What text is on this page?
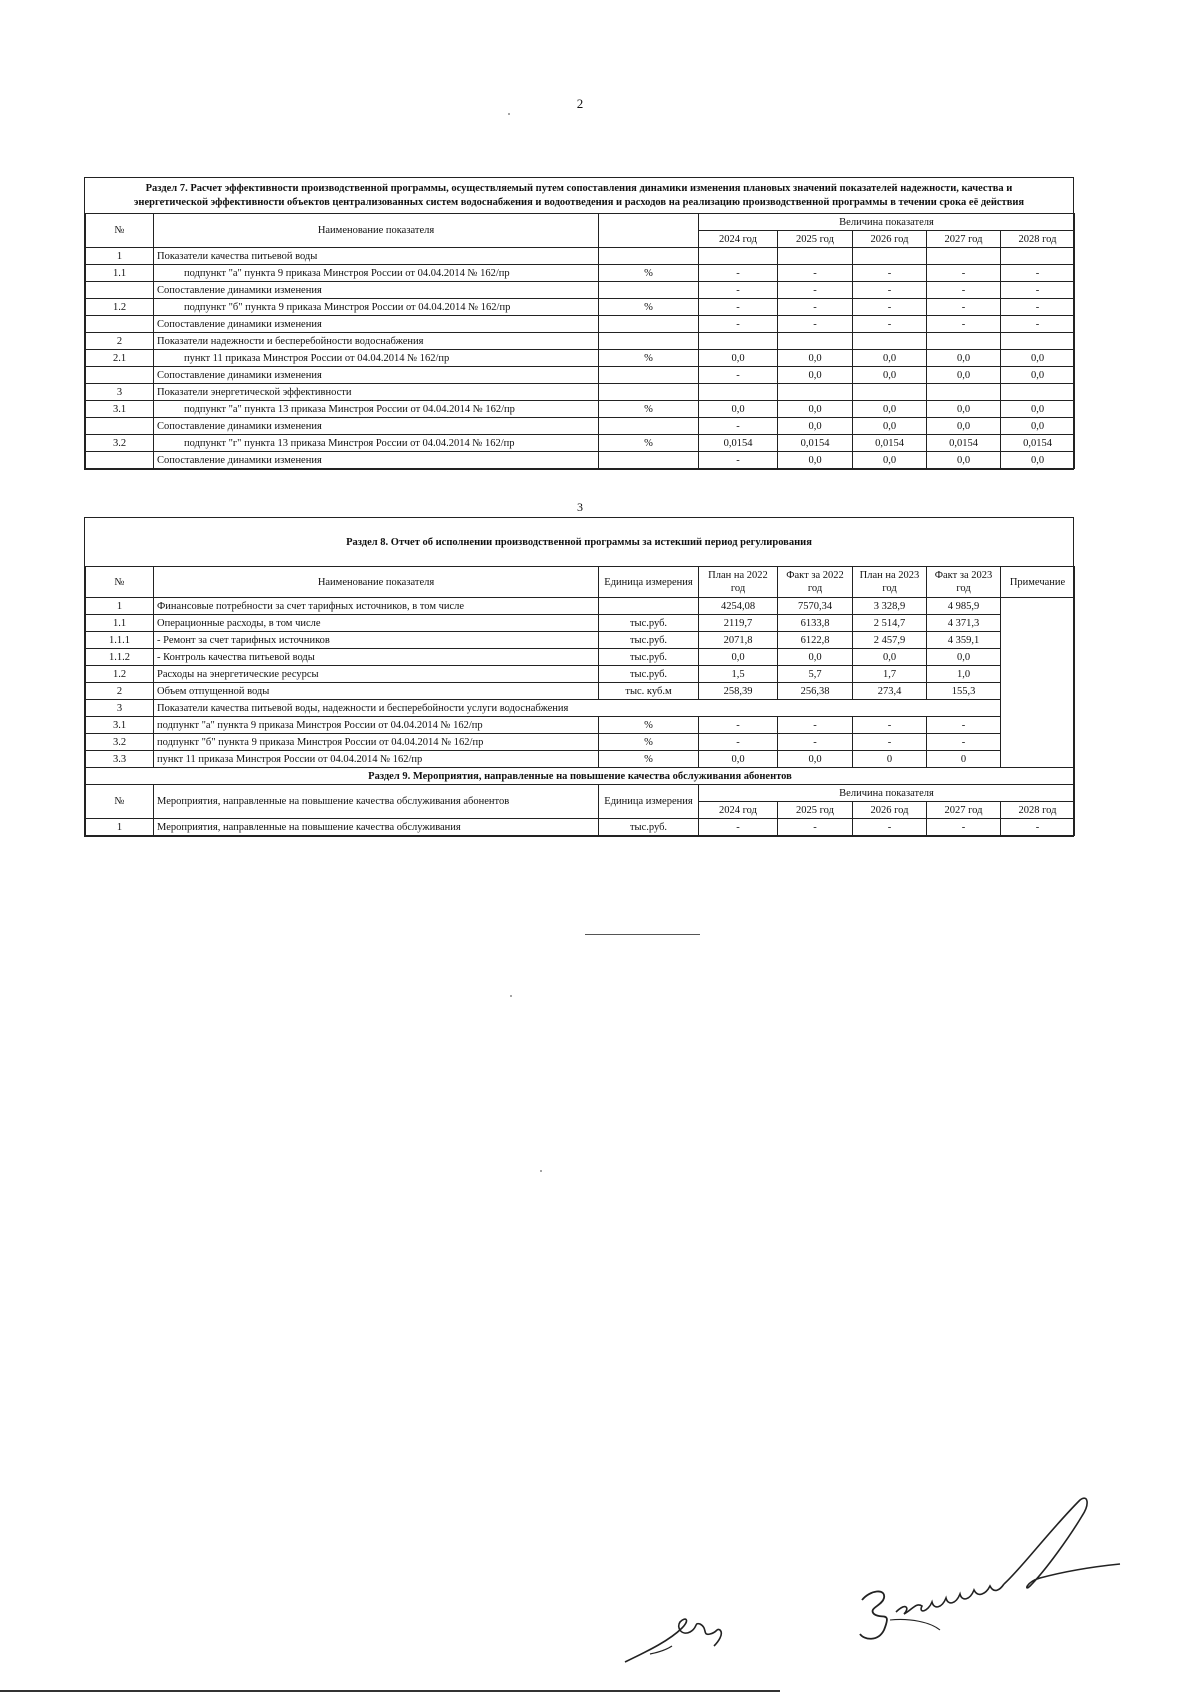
2
Раздел 7. Расчет эффективности производственной программы, осуществляемый путем сопоставления динамики изменения плановых значений показателей надежности, качества и энергетической эффективности объектов централизованных систем водоснабжения и водоотведения и расходов на реализацию производственной программы в течении срока её действия
№	Наименование показателя		Величина показателя				
			2024 год	2025 год	2026 год	2027 год	2028 год
1	Показатели качества питьевой воды						
1.1	подпункт "а" пункта 9 приказа Минстроя России от 04.04.2014 № 162/пр	%	-	-	-	-	-
	Сопоставление динамики изменения		-	-	-	-	-
1.2	подпункт "б" пункта 9 приказа Минстроя России от 04.04.2014 № 162/пр	%	-	-	-	-	-
	Сопоставление динамики изменения		-	-	-	-	-
2	Показатели надежности и бесперебойности водоснабжения						
2.1	пункт 11 приказа Минстроя России от 04.04.2014 № 162/пр	%	0,0	0,0	0,0	0,0	0,0
	Сопоставление динамики изменения		-	0,0	0,0	0,0	0,0
3	Показатели энергетической эффективности						
3.1	подпункт "а" пункта 13 приказа Минстроя России от 04.04.2014 № 162/пр	%	0,0	0,0	0,0	0,0	0,0
	Сопоставление динамики изменения		-	0,0	0,0	0,0	0,0
3.2	подпункт "г" пункта 13 приказа Минстроя России от 04.04.2014 № 162/пр	%	0,0154	0,0154	0,0154	0,0154	0,0154
	Сопоставление динамики изменения		-	0,0	0,0	0,0	0,0
3
Раздел 8. Отчет об исполнении производственной программы за истекший период регулирования
№	Наименование показателя	Единица измерения	План на 2022 год	Факт за 2022 год	План на 2023 год	Факт за 2023 год	Примечание
1	Финансовые потребности за счет тарифных источников, в том числе		4254,08	7570,34	3 328,9	4 985,9	
1.1	Операционные расходы, в том числе	тыс.руб.	2119,7	6133,8	2 514,7	4 371,3	
1.1.1	- Ремонт за счет тарифных источников	тыс.руб.	2071,8	6122,8	2 457,9	4 359,1	
1.1.2	- Контроль качества питьевой воды	тыс.руб.	0,0	0,0	0,0	0,0	
1.2	Расходы на энергетические ресурсы	тыс.руб.	1,5	5,7	1,7	1,0	
2	Объем отпущенной воды	тыс. куб.м	258,39	256,38	273,4	155,3	
3	Показатели качества питьевой воды, надежности и бесперебойности услуги водоснабжения						
3.1	подпункт "а" пункта 9 приказа Минстроя России от 04.04.2014 № 162/пр	%	-	-	-	-	
3.2	подпункт "б" пункта 9 приказа Минстроя России от 04.04.2014 № 162/пр	%	-	-	-	-	
3.3	пункт 11 приказа Минстроя России от 04.04.2014 № 162/пр	%	0,0	0,0	0	0	
Раздел 9. Мероприятия, направленные на повышение качества обслуживания абонентов							
№	Мероприятия, направленные на повышение качества обслуживания абонентов	Единица измерения	Величина показателя				
			2024 год	2025 год	2026 год	2027 год	2028 год
1	Мероприятия, направленные на повышение качества обслуживания	тыс.руб.	-	-	-	-	-
